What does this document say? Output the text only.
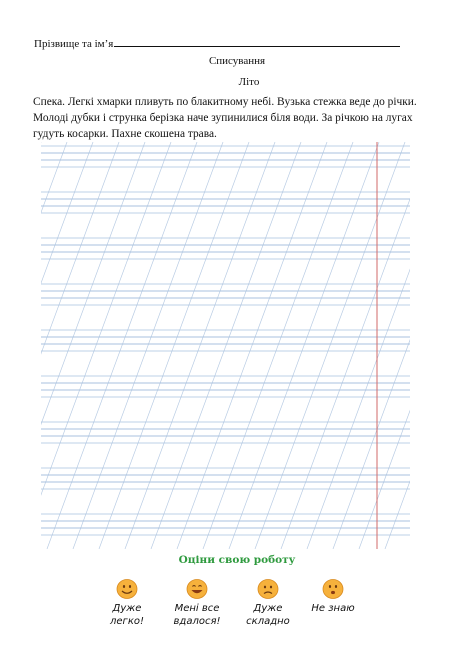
Прізвище та ім’я
Списування
Літо
Спека. Легкі хмарки пливуть по блакитному небі. Вузька стежка веде до річки. Молоді дубки і струнка берізка наче зупинилися біля води. За річкою на лугах гудуть косарки. Пахне скошена трава.
Оціни свою роботу
Дуже
легко!
Мені все
вдалося!
Дуже
складно
Не знаю
